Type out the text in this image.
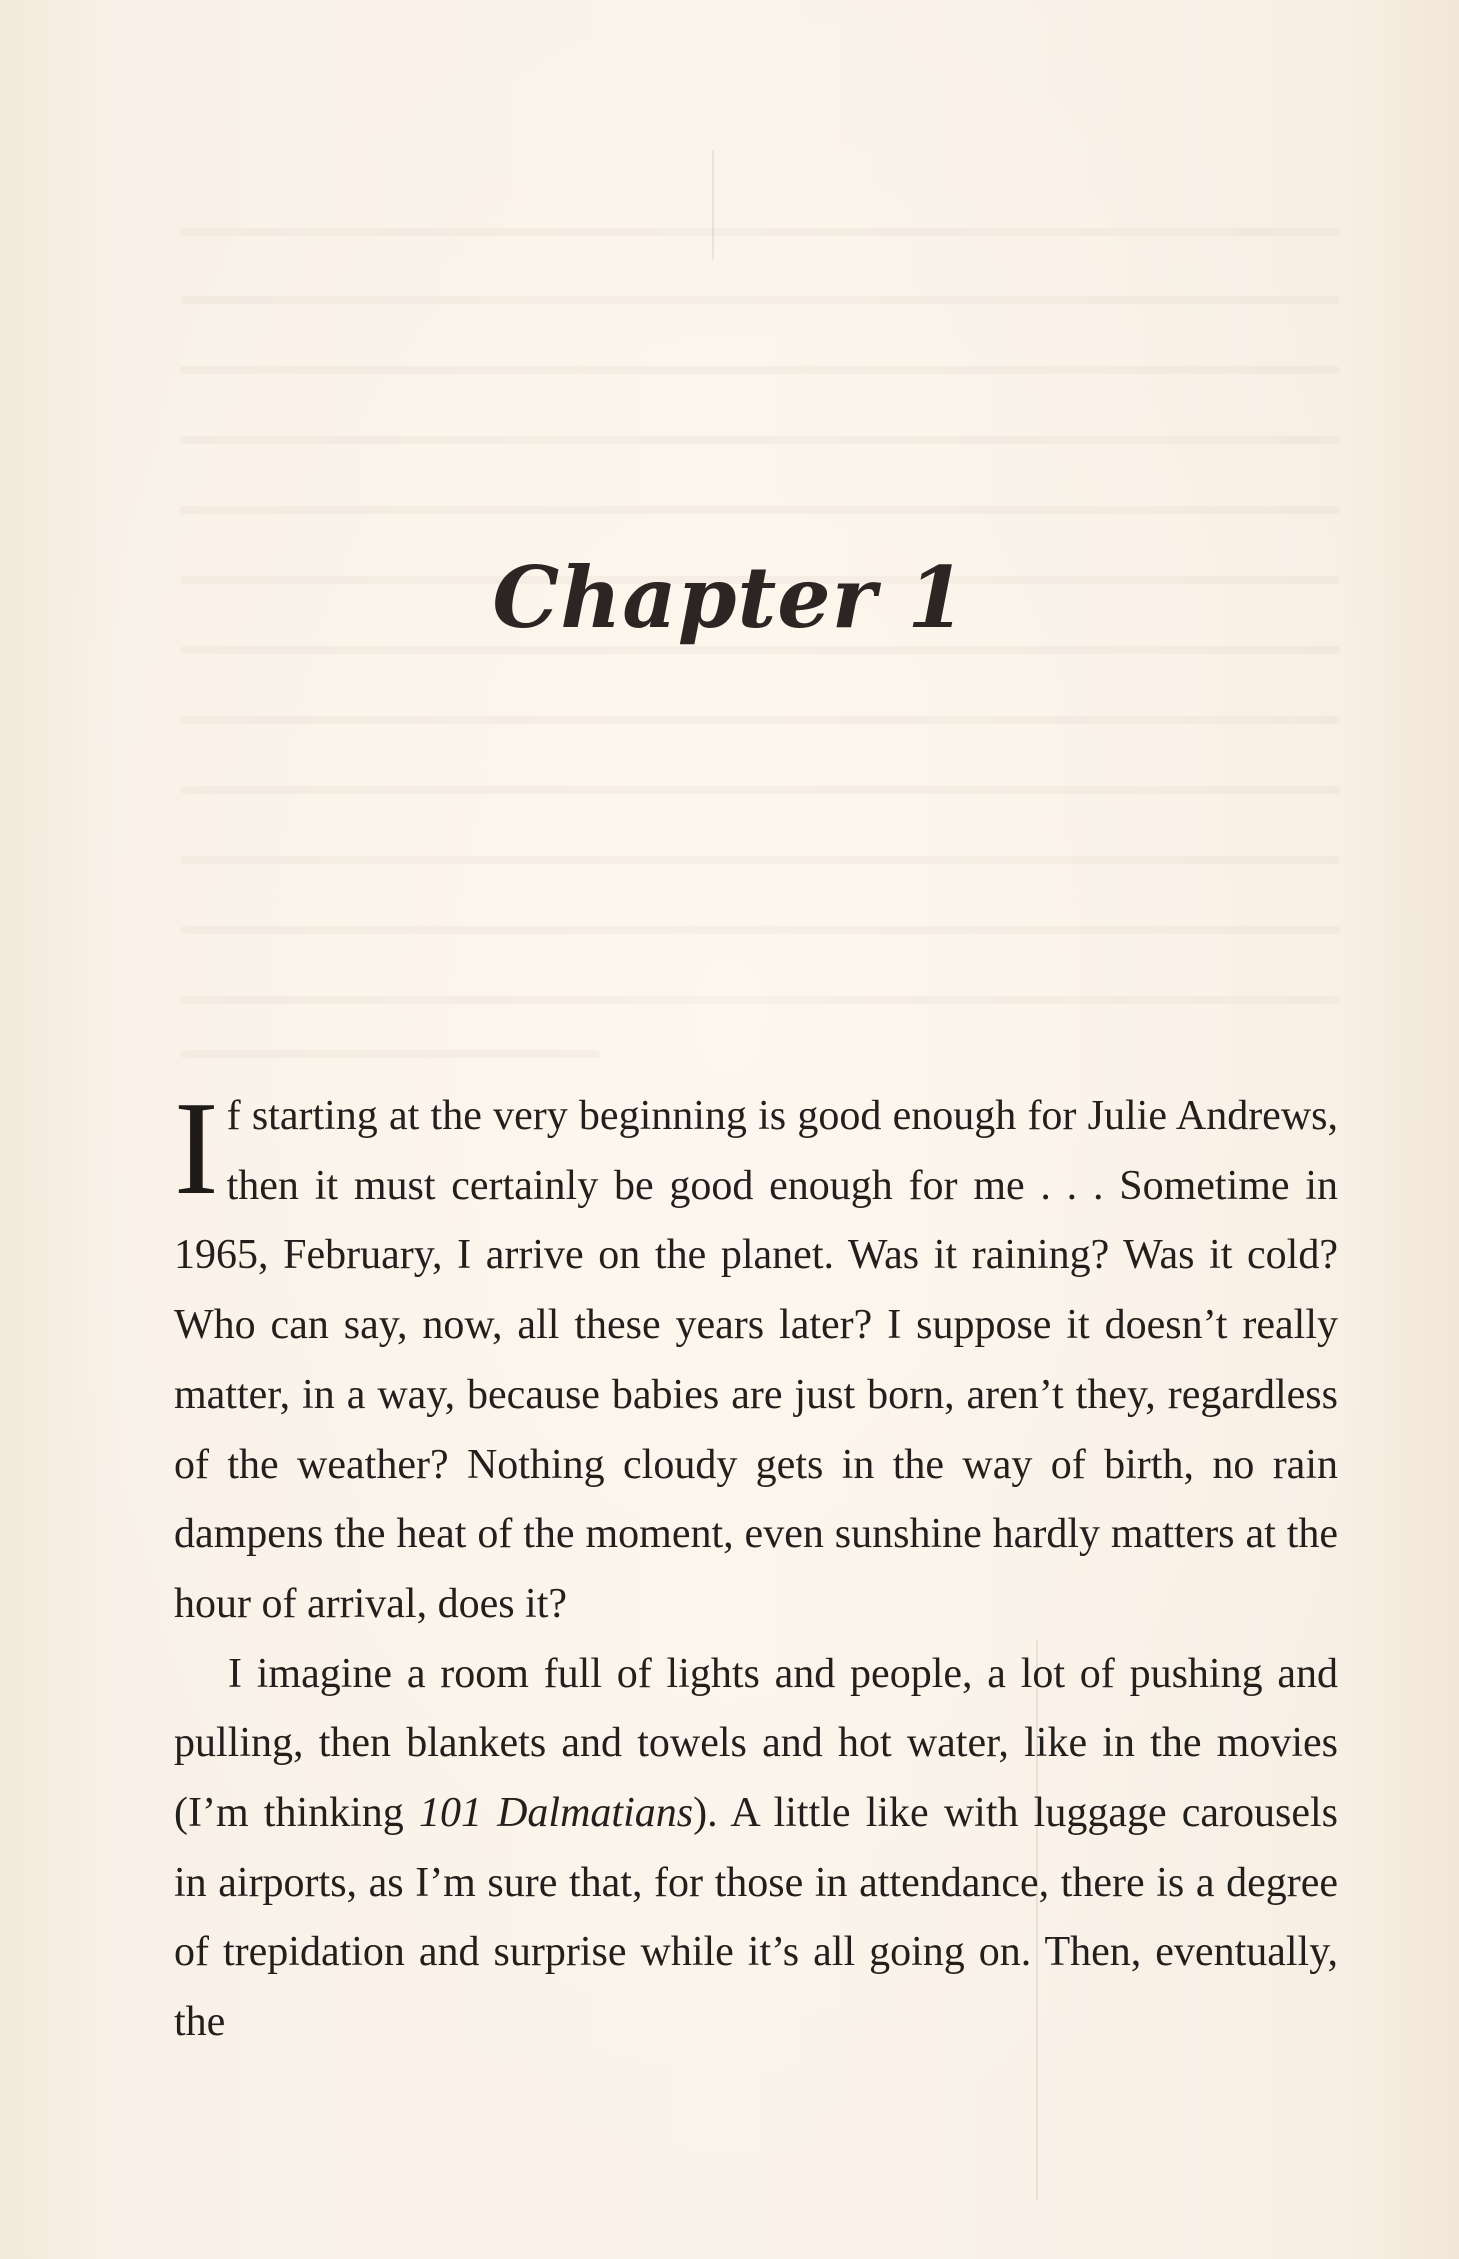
Chapter 1

If starting at the very beginning is good enough for Julie Andrews, then it must certainly be good enough for me . . . Sometime in 1965, February, I arrive on the planet. Was it raining? Was it cold? Who can say, now, all these years later? I suppose it doesn’t really matter, in a way, because babies are just born, aren’t they, regardless of the weather? Nothing cloudy gets in the way of birth, no rain dampens the heat of the moment, even sunshine hardly matters at the hour of arrival, does it?

I imagine a room full of lights and people, a lot of pushing and pulling, then blankets and towels and hot water, like in the movies (I’m thinking 101 Dalmatians). A little like with luggage carousels in airports, as I’m sure that, for those in attendance, there is a degree of trepidation and surprise while it’s all going on. Then, eventually, the
